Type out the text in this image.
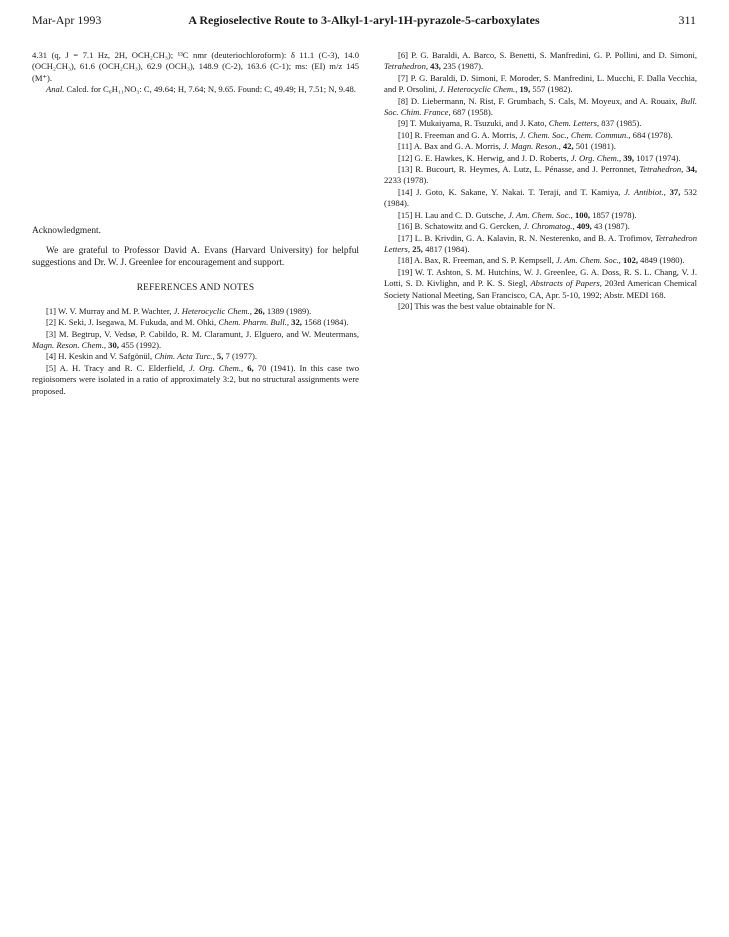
Mar-Apr 1993	A Regioselective Route to 3-Alkyl-1-aryl-1H-pyrazole-5-carboxylates	311

4.31 (q, J = 7.1 Hz, 2H, OCH₂CH₃); ¹³C nmr (deuteriochloroform): δ 11.1 (C-3), 14.0 (OCH₂CH₃), 61.6 (OCH₂CH₃), 62.9 (OCH₃), 148.9 (C-2), 163.6 (C-1); ms: (EI) m/z 145 (M⁺).

Anal. Calcd. for C₆H₁₁NO₃: C, 49.64; H, 7.64; N, 9.65. Found: C, 49.49; H, 7.51; N, 9.48.

Acknowledgment.

We are grateful to Professor David A. Evans (Harvard University) for helpful suggestions and Dr. W. J. Greenlee for encouragement and support.

REFERENCES AND NOTES

[1] W. V. Murray and M. P. Wachter, J. Heterocyclic Chem., 26, 1389 (1989).

[2] K. Seki, J. Isegawa, M. Fukuda, and M. Ohki, Chem. Pharm. Bull., 32, 1568 (1984).

[3] M. Begtrup, V. Vedsø, P. Cabildo, R. M. Claramunt, J. Elguero, and W. Meutermans, Magn. Reson. Chem., 30, 455 (1992).

[4] H. Keskin and V. Safgönül, Chim. Acta Turc., 5, 7 (1977).

[5] A. H. Tracy and R. C. Elderfield, J. Org. Chem., 6, 70 (1941). In this case two regioisomers were isolated in a ratio of approximately 3:2, but no structural assignments were proposed.

[6] P. G. Baraldi, A. Barco, S. Benetti, S. Manfredini, G. P. Pollini, and D. Simoni, Tetrahedron, 43, 235 (1987).

[7] P. G. Baraldi, D. Simoni, F. Moroder, S. Manfredini, L. Mucchi, F. Dalla Vecchia, and P. Orsolini, J. Heterocyclic Chem., 19, 557 (1982).

[8] D. Liebermann, N. Rist, F. Grumbach, S. Cals, M. Moyeux, and A. Rouaix, Bull. Soc. Chim. France, 687 (1958).

[9] T. Mukaiyama, R. Tsuzuki, and J. Kato, Chem. Letters, 837 (1985).

[10] R. Freeman and G. A. Morris, J. Chem. Soc., Chem. Commun., 684 (1978).

[11] A. Bax and G. A. Morris, J. Magn. Reson., 42, 501 (1981).

[12] G. E. Hawkes, K. Herwig, and J. D. Roberts, J. Org. Chem., 39, 1017 (1974).

[13] R. Bucourt, R. Heymes, A. Lutz, L. Pénasse, and J. Perronnet, Tetrahedron, 34, 2233 (1978).

[14] J. Goto, K. Sakane, Y. Nakai. T. Teraji, and T. Kamiya, J. Antibiot., 37, 532 (1984).

[15] H. Lau and C. D. Gutsche, J. Am. Chem. Soc., 100, 1857 (1978).

[16] B. Schatowitz and G. Gercken, J. Chromatog., 409, 43 (1987).

[17] L. B. Krivdin, G. A. Kalavin, R. N. Nesterenko, and B. A. Trofimov, Tetrahedron Letters, 25, 4817 (1984).

[18] A. Bax, R. Freeman, and S. P. Kempsell, J. Am. Chem. Soc., 102, 4849 (1980).

[19] W. T. Ashton, S. M. Hutchins, W. J. Greenlee, G. A. Doss, R. S. L. Chang, V. J. Lotti, S. D. Kivlighn, and P. K. S. Siegl, Abstracts of Papers, 203rd American Chemical Society National Meeting, San Francisco, CA, Apr. 5-10, 1992; Abstr. MEDI 168.

[20] This was the best value obtainable for N.
